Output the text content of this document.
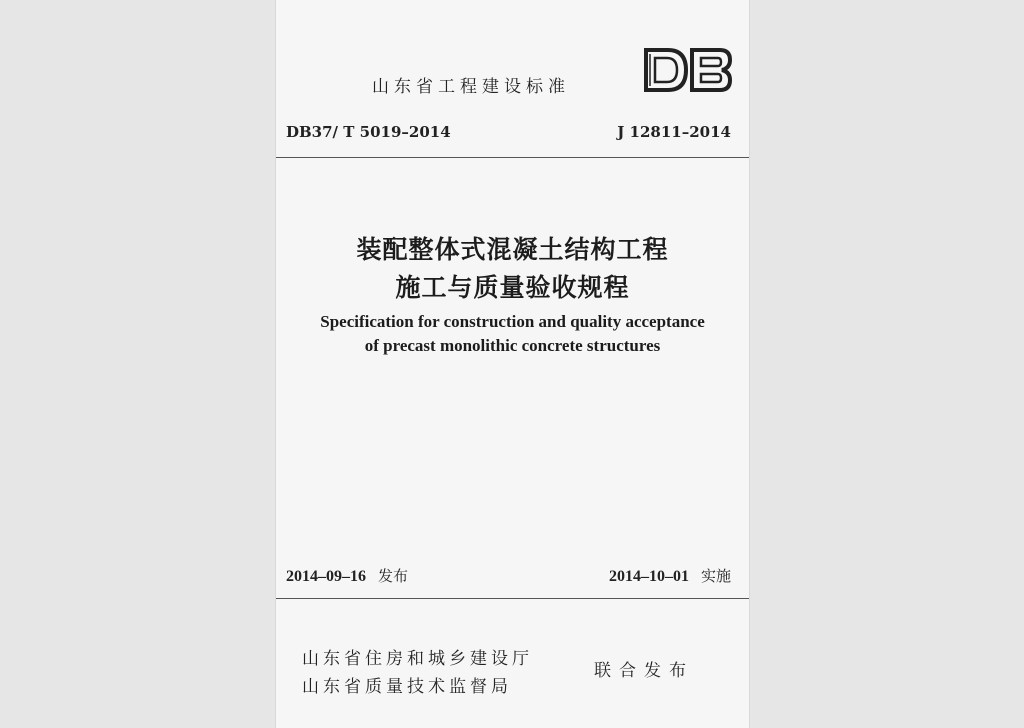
山东省工程建设标准
DB37/ T 5019–2014	J 12811–2014
装配整体式混凝土结构工程
施工与质量验收规程
Specification for construction and quality acceptance
of precast monolithic concrete structures
2014–09–16 发布	2014–10–01 实施
山东省住房和城乡建设厅
山东省质量技术监督局
联合发布
